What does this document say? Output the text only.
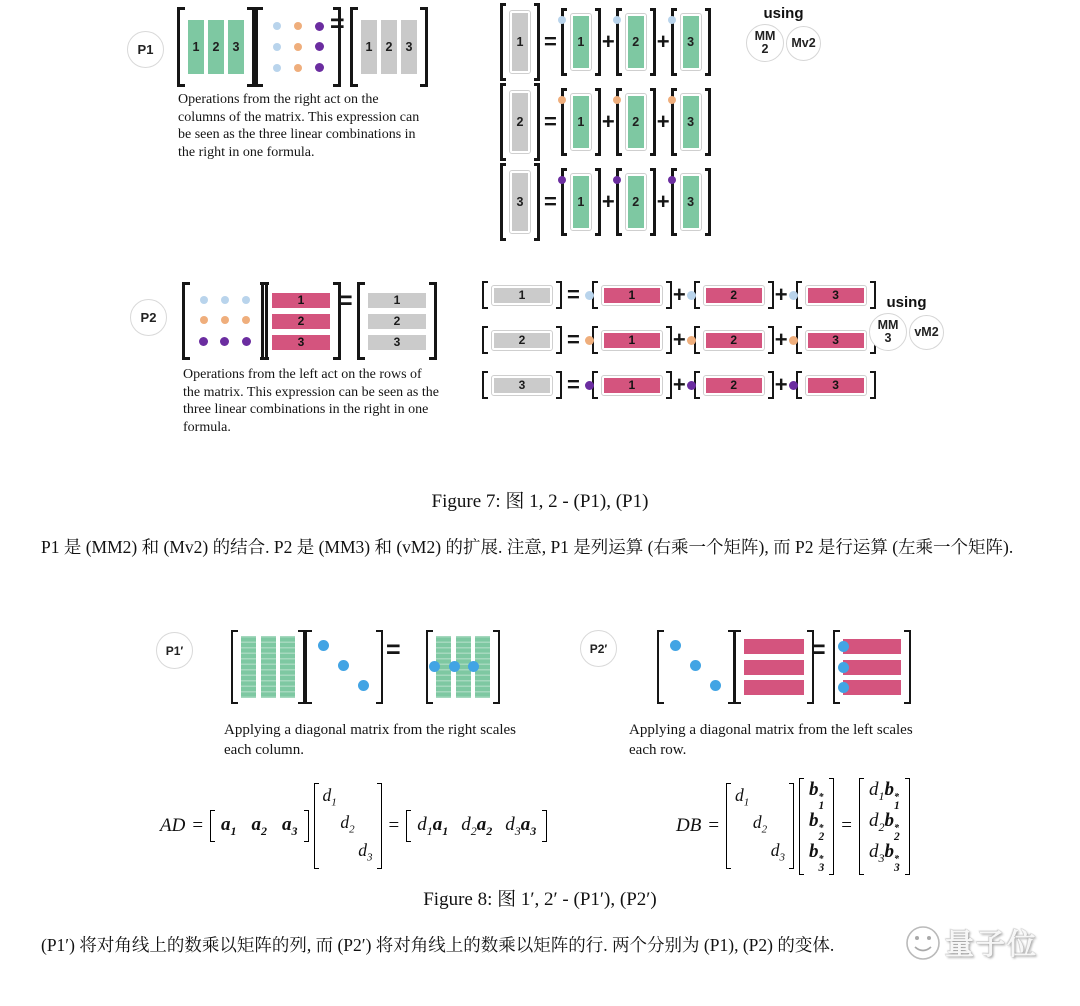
P1	1	2	3
=
1	2	3
Operations from the right act on the columns of the matrix. This expression can be seen as the three linear combinations in the right in one formula.
1 =	1 +	2 +	3
2 =	1 +	2 +	3
3 =	1 +	2 +	3
using
MM
2	Mv2
P2
1
2
3
=	1
2
3
Operations from the left act on the rows of the matrix. This expression can be seen as the three linear combinations in the right in one formula.
1	=	1	+	2	+	3
2	=	1	+	2	+	3
3	=	1	+	2	+	3
using
MM
3	vM2
Figure 7: 图 1, 2 - (P1), (P1)
P1 是 (MM2) 和 (Mv2) 的结合. P2 是 (MM3) 和 (vM2) 的扩展. 注意, P1 是列运算 (右乘一个矩阵), 而 P2 是行运算 (左乘一个矩阵).
P1′	=
Applying a diagonal matrix from the right scales each column.
P2′	=
Applying a diagonal matrix from the left scales each row.
AD = $a_1$ $a_2$ $a_3$
$d_1$
$d_2$
$d_3$
= $d_1a_1$ $d_2a_2$ $d_3a_3$	DB =
$d_1$
$d_2$
$d_3$
b *
1
b *
2
b *
3
=
$d_1b$ *
1
$d_2b$ *
2
$d_3b$ *
3
Figure 8: 图 1′, 2′ - (P1′), (P2′)
(P1′) 将对角线上的数乘以矩阵的列, 而 (P2′) 将对角线上的数乘以矩阵的行. 两个分别为 (P1), (P2) 的变体.	量子位
